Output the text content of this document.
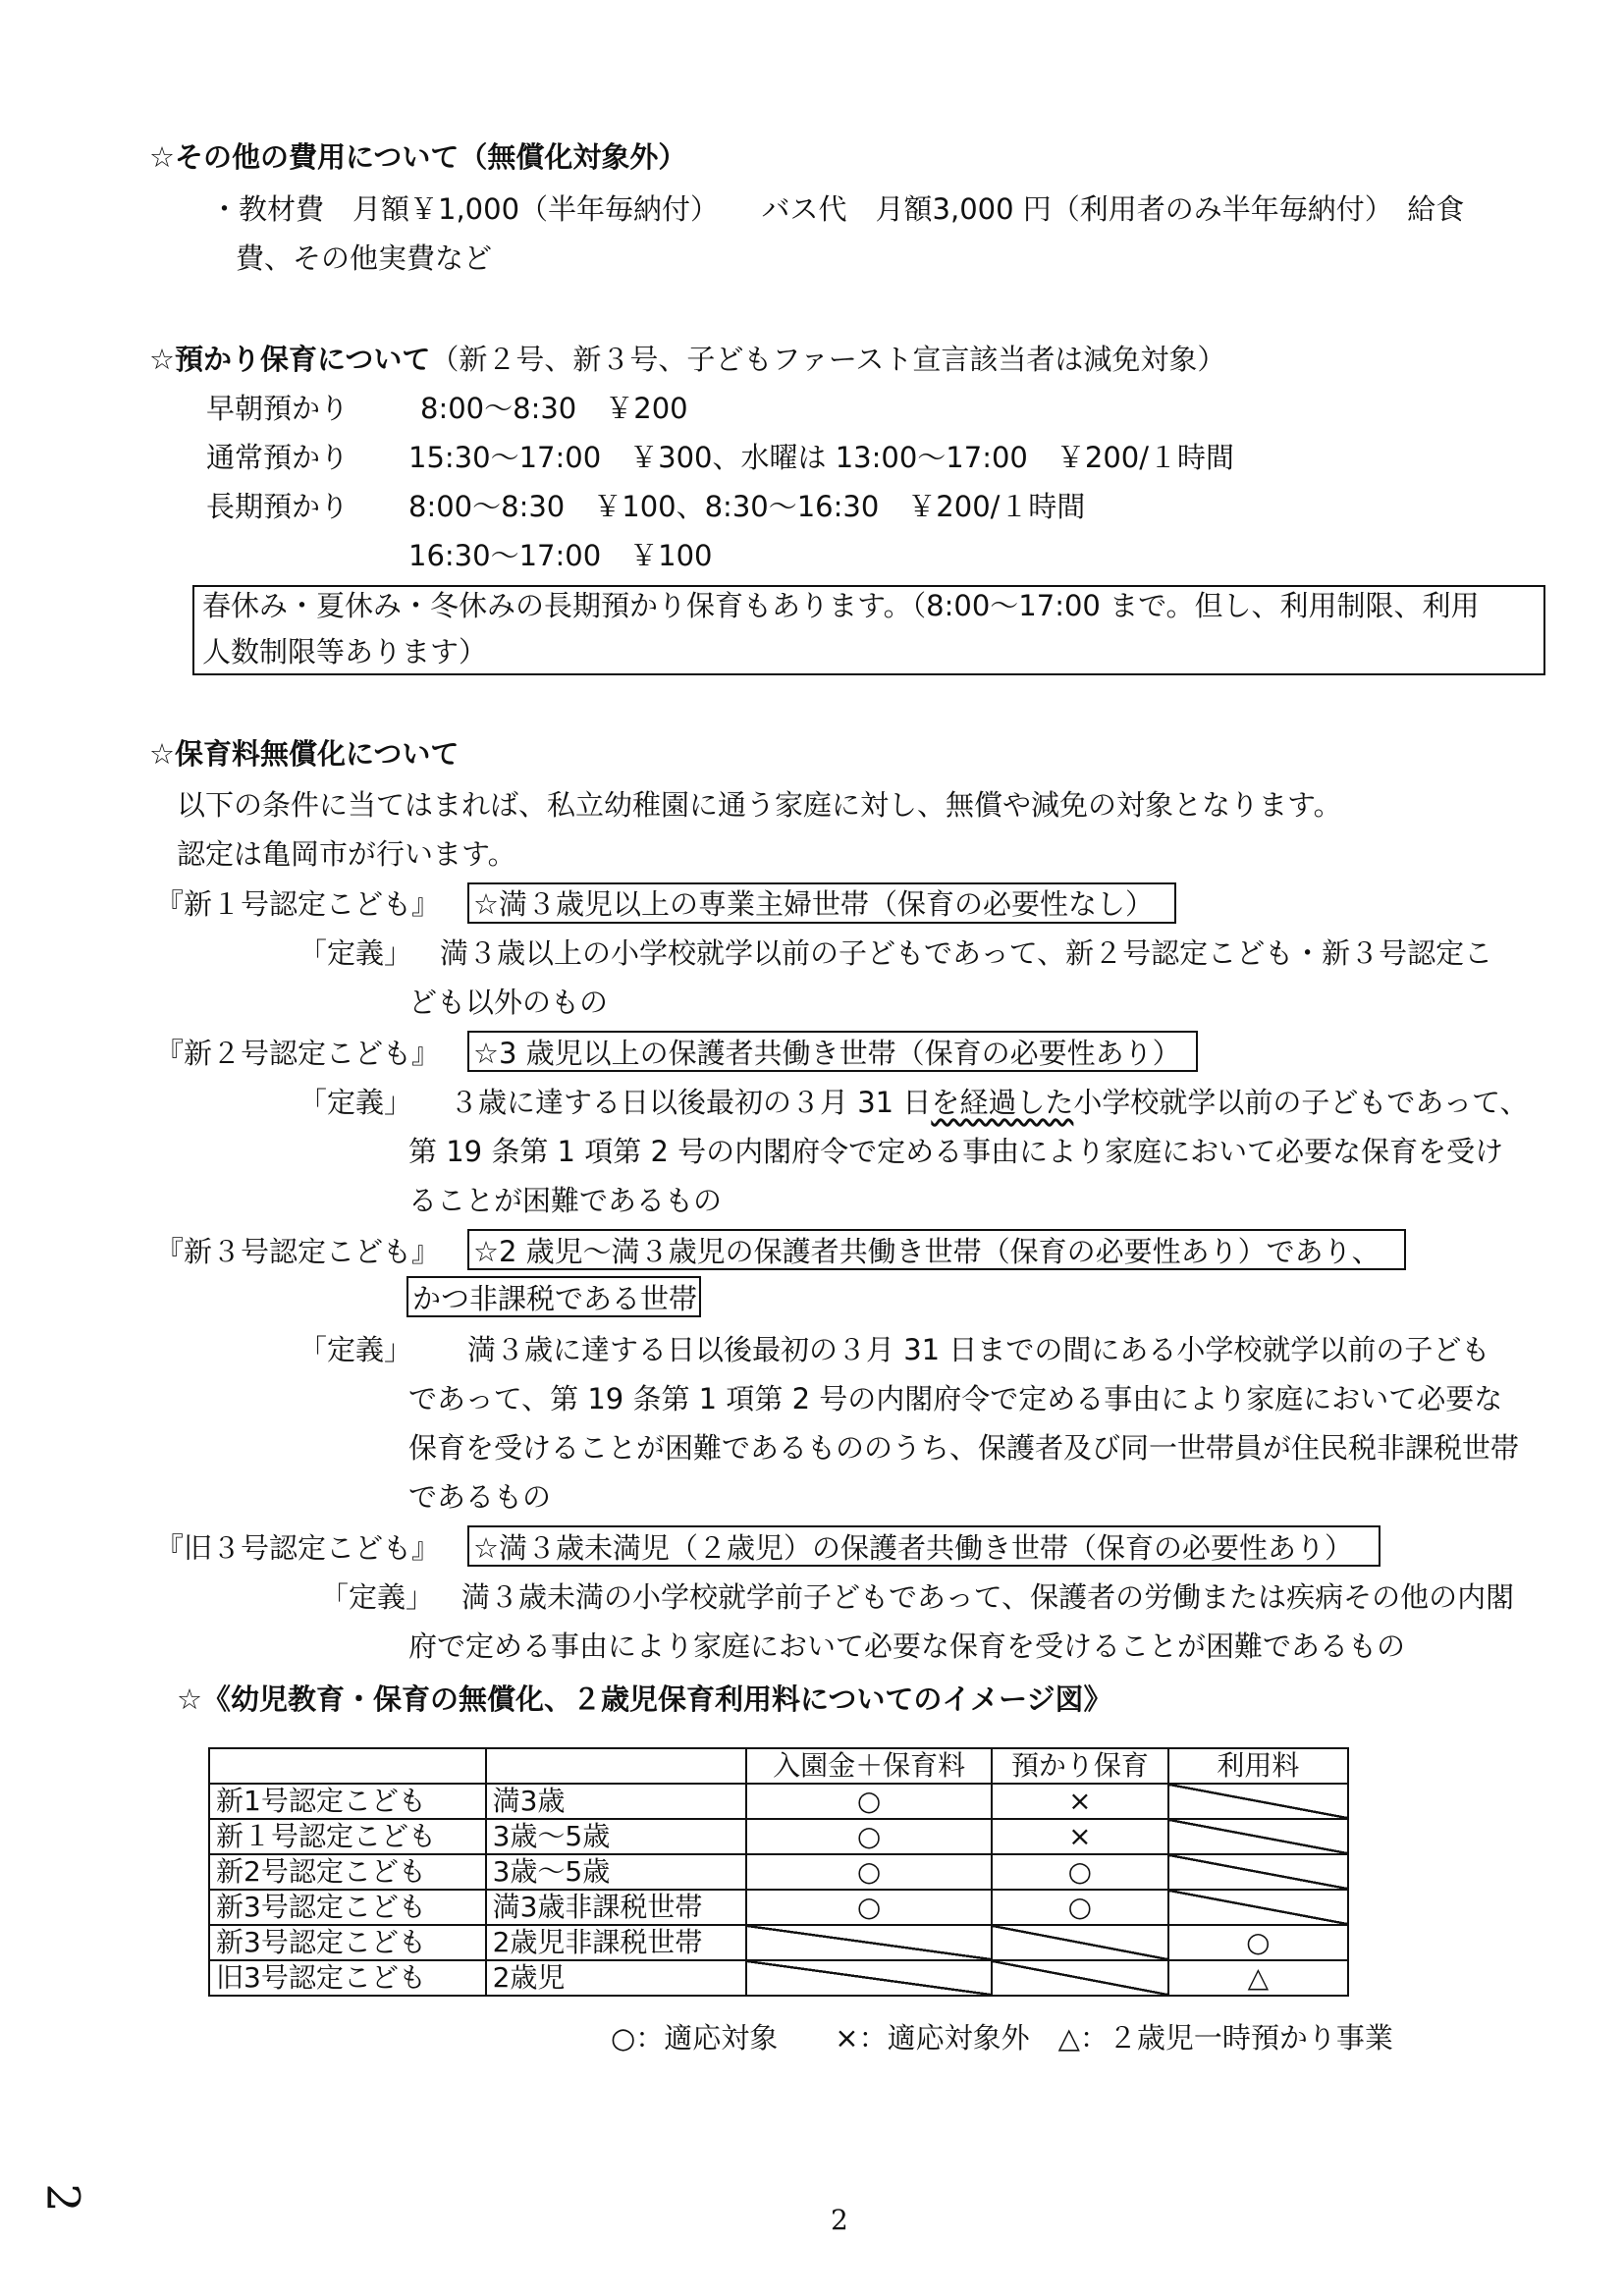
☆その他の費用について（無償化対象外）
・教材費　月額￥1,000（半年毎納付）　　バス代　月額3,000 円（利用者のみ半年毎納付）　給食
費、その他実費など
☆預かり保育について（新２号、新３号、子どもファースト宣言該当者は減免対象）
早朝預かり	8:00～8:30　￥200
通常預かり 15:30～17:00　￥300、水曜は 13:00～17:00　￥200/１時間
長期預かり 8:00～8:30　￥100、8:30～16:30　￥200/１時間
16:30～17:00　￥100
春休み・夏休み・冬休みの長期預かり保育もあります。（8:00～17:00 まで。但し、利用制限、利用
人数制限等あります）
☆保育料無償化について
以下の条件に当てはまれば、私立幼稚園に通う家庭に対し、無償や減免の対象となります。
認定は亀岡市が行います。
『新１号認定こども』 ☆満３歳児以上の専業主婦世帯（保育の必要性なし）
「定義」 満３歳以上の小学校就学以前の子どもであって、新２号認定こども・新３号認定こ
ども以外のもの
『新２号認定こども』 ☆3 歳児以上の保護者共働き世帯（保育の必要性あり）
「定義」 ３歳に達する日以後最初の３月 31 日を経過した小学校就学以前の子どもであって、
第 19 条第 1 項第 2 号の内閣府令で定める事由により家庭において必要な保育を受け
ることが困難であるもの
『新３号認定こども』 ☆2 歳児～満３歳児の保護者共働き世帯（保育の必要性あり）であり、
かつ非課税である世帯
「定義」 満３歳に達する日以後最初の３月 31 日までの間にある小学校就学以前の子ども
であって、第 19 条第 1 項第 2 号の内閣府令で定める事由により家庭において必要な
保育を受けることが困難であるもののうち、保護者及び同一世帯員が住民税非課税世帯
であるもの
『旧３号認定こども』 ☆満３歳未満児（２歳児）の保護者共働き世帯（保育の必要性あり）
「定義」 満３歳未満の小学校就学前子どもであって、保護者の労働または疾病その他の内閣
府で定める事由により家庭において必要な保育を受けることが困難であるもの
☆《幼児教育・保育の無償化、２歳児保育利用料についてのイメージ図》
		入園金＋保育料	預かり保育	利用料
新1号認定こども	満3歳	○	×	
新１号認定こども	3歳～5歳	○	×	
新2号認定こども	3歳～5歳	○	○	
新3号認定こども	満3歳非課税世帯	○	○	
新3号認定こども	2歳児非課税世帯			○
旧3号認定こども	2歳児			△
○：適応対象　　×：適応対象外　△：２歳児一時預かり事業
2
2
